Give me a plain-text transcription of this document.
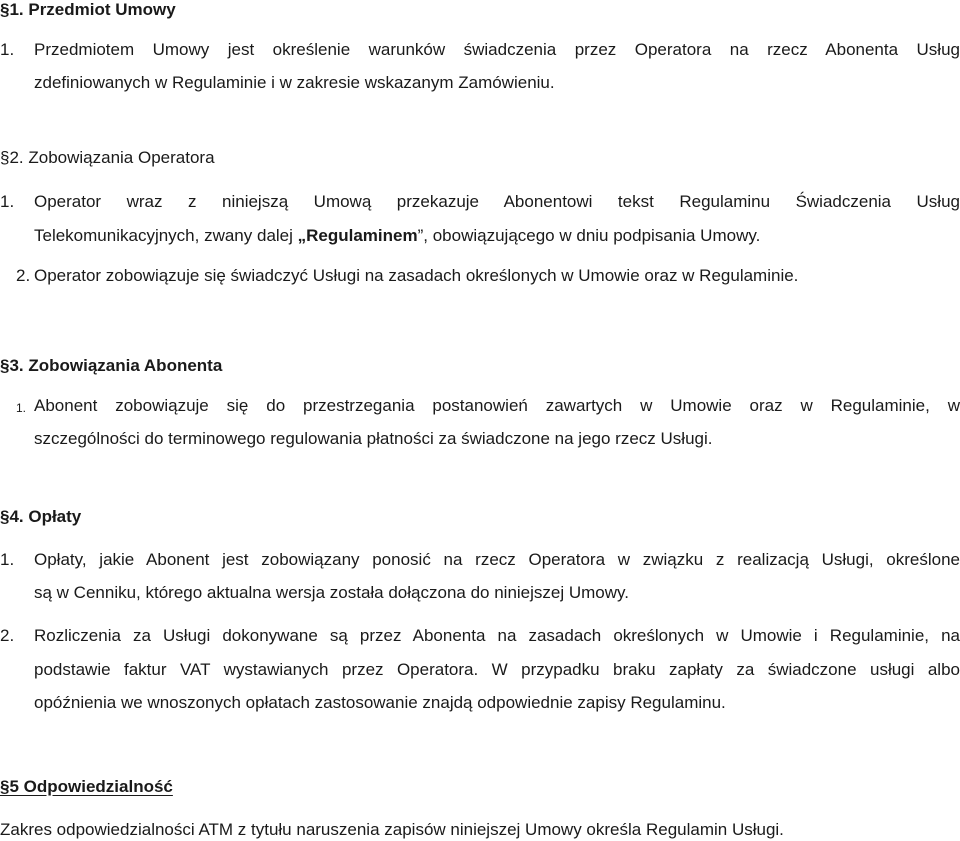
§1. Przedmiot Umowy
1. Przedmiotem Umowy jest określenie warunków świadczenia przez Operatora na rzecz Abonenta Usług
zdefiniowanych w Regulaminie i w zakresie wskazanym Zamówieniu.
§2. Zobowiązania Operatora
1. Operator wraz z niniejszą Umową przekazuje Abonentowi tekst Regulaminu Świadczenia Usług
Telekomunikacyjnych, zwany dalej „Regulaminem”, obowiązującego w dniu podpisania Umowy.
2. Operator zobowiązuje się świadczyć Usługi na zasadach określonych w Umowie oraz w Regulaminie.
§3. Zobowiązania Abonenta
1. Abonent zobowiązuje się do przestrzegania postanowień zawartych w Umowie oraz w Regulaminie, w
szczególności do terminowego regulowania płatności za świadczone na jego rzecz Usługi.
§4. Opłaty
1. Opłaty, jakie Abonent jest zobowiązany ponosić na rzecz Operatora w związku z realizacją Usługi, określone
są w Cenniku, którego aktualna wersja została dołączona do niniejszej Umowy.
2. Rozliczenia za Usługi dokonywane są przez Abonenta na zasadach określonych w Umowie i Regulaminie, na
podstawie faktur VAT wystawianych przez Operatora. W przypadku braku zapłaty za świadczone usługi albo
opóźnienia we wnoszonych opłatach zastosowanie znajdą odpowiednie zapisy Regulaminu.
§5 Odpowiedzialność
Zakres odpowiedzialności ATM z tytułu naruszenia zapisów niniejszej Umowy określa Regulamin Usługi.
